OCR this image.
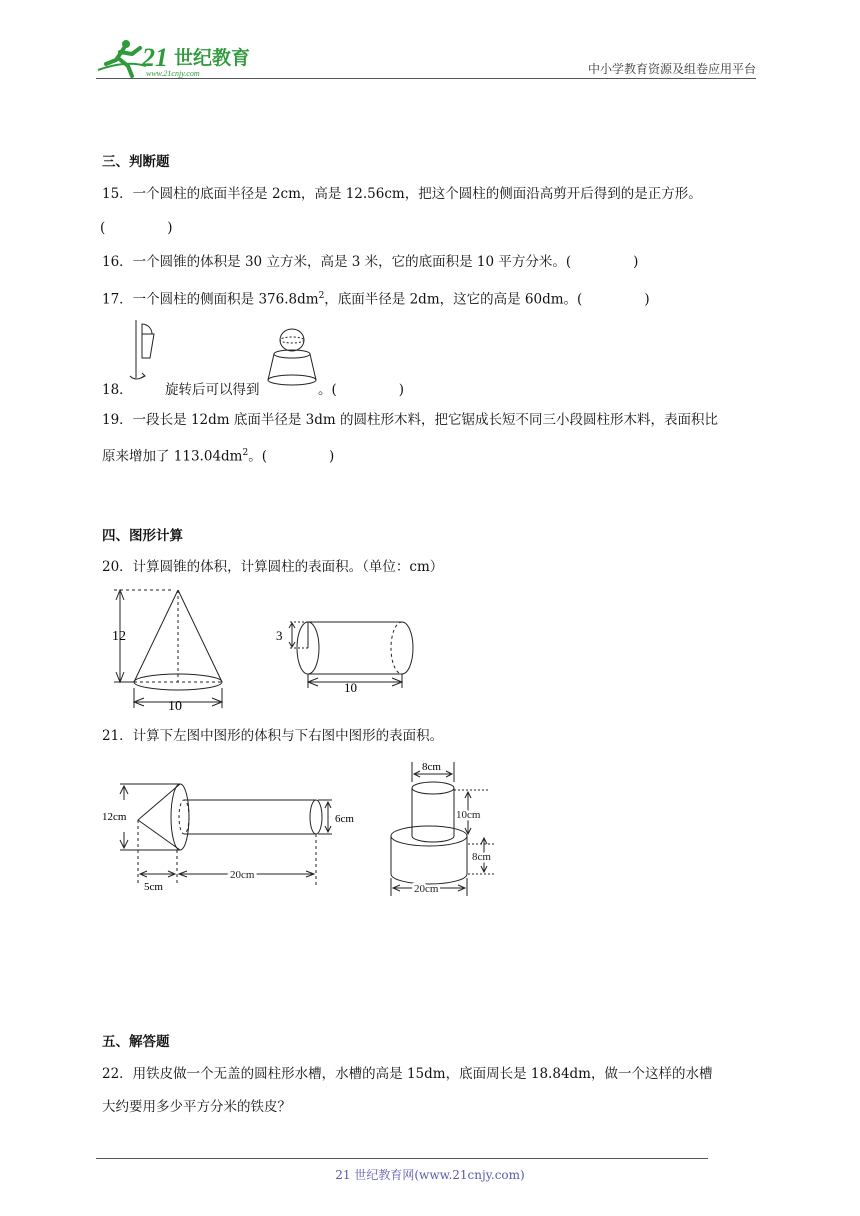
21 世纪教育
www.21cnjy.com	中小学教育资源及组卷应用平台
三、判断题
15．一个圆柱的底面半径是 2cm，高是 12.56cm，把这个圆柱的侧面沿高剪开后得到的是正方形。
(	)
16．一个圆锥的体积是 30 立方米，高是 3 米，它的底面积是 10 平方分米。(	)
17．一个圆柱的侧面积是 $376.8dm^2$，底面半径是 2dm，这它的高是 60dm。(	)
18． 旋转后可以得到	。(	)
19．一段长是 12dm 底面半径是 3dm 的圆柱形木料，把它锯成长短不同三小段圆柱形木料，表面积比
原来增加了 $113.04dm^2$。(	)
四、图形计算
20．计算圆锥的体积，计算圆柱的表面积。（单位：cm）
12
10
3
10
21．计算下左图中图形的体积与下右图中图形的表面积。
12cm	6cm
5cm
20cm
8cm
10cm
8cm
20cm
五、解答题
22．用铁皮做一个无盖的圆柱形水槽，水槽的高是 15dm，底面周长是 18.84dm，做一个这样的水槽
大约要用多少平方分米的铁皮？
21 世纪教育网(www.21cnjy.com)
